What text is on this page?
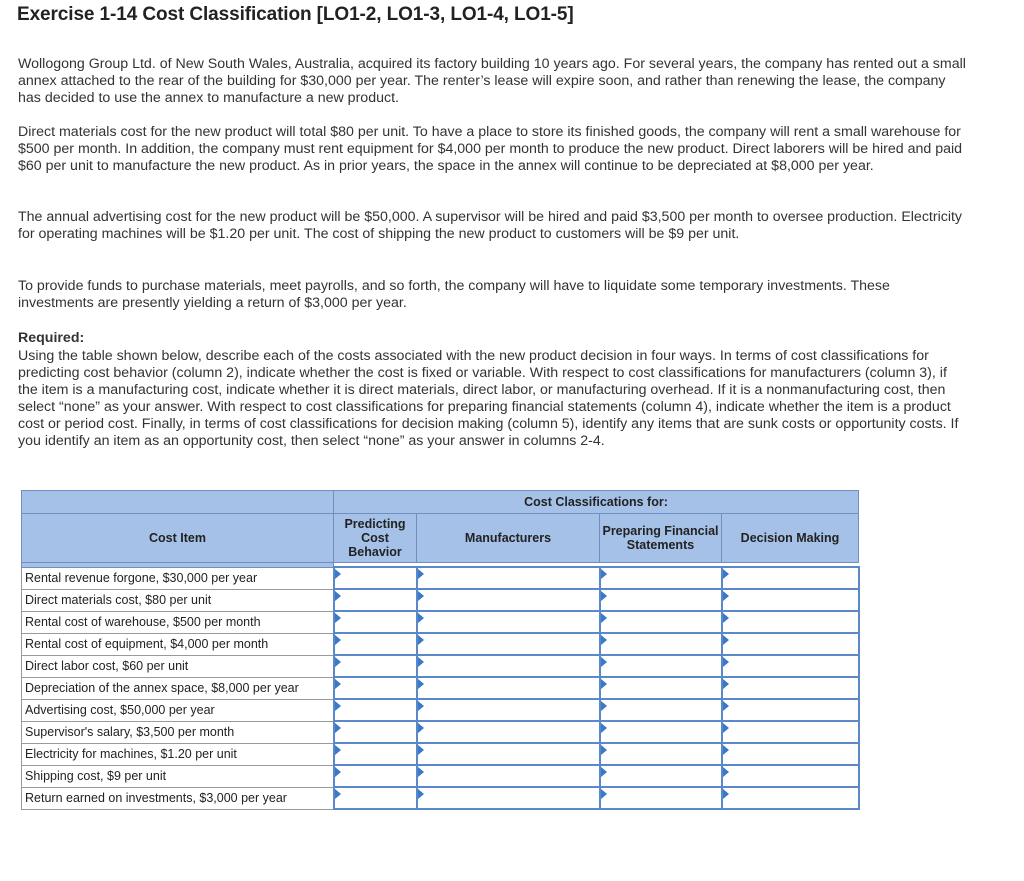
Exercise 1-14 Cost Classification [LO1-2, LO1-3, LO1-4, LO1-5]

Wollogong Group Ltd. of New South Wales, Australia, acquired its factory building 10 years ago. For several years, the company has rented out a small annex attached to the rear of the building for $30,000 per year. The renter’s lease will expire soon, and rather than renewing the lease, the company has decided to use the annex to manufacture a new product.

Direct materials cost for the new product will total $80 per unit. To have a place to store its finished goods, the company will rent a small warehouse for $500 per month. In addition, the company must rent equipment for $4,000 per month to produce the new product. Direct laborers will be hired and paid $60 per unit to manufacture the new product. As in prior years, the space in the annex will continue to be depreciated at $8,000 per year.

The annual advertising cost for the new product will be $50,000. A supervisor will be hired and paid $3,500 per month to oversee production. Electricity for operating machines will be $1.20 per unit. The cost of shipping the new product to customers will be $9 per unit.

To provide funds to purchase materials, meet payrolls, and so forth, the company will have to liquidate some temporary investments. These investments are presently yielding a return of $3,000 per year.

Required:

Using the table shown below, describe each of the costs associated with the new product decision in four ways. In terms of cost classifications for predicting cost behavior (column 2), indicate whether the cost is fixed or variable. With respect to cost classifications for manufacturers (column 3), if the item is a manufacturing cost, indicate whether it is direct materials, direct labor, or manufacturing overhead. If it is a nonmanufacturing cost, then select “none” as your answer. With respect to cost classifications for preparing financial statements (column 4), indicate whether the item is a product cost or period cost. Finally, in terms of cost classifications for decision making (column 5), identify any items that are sunk costs or opportunity costs. If you identify an item as an opportunity cost, then select “none” as your answer in columns 2-4.

	Cost Classifications for:			
Cost Item	Predicting Cost Behavior	Manufacturers	Preparing Financial Statements	Decision Making

Rental revenue forgone, $30,000 per year	

Direct materials cost, $80 per unit	

Rental cost of warehouse, $500 per month	

Rental cost of equipment, $4,000 per month	

Direct labor cost, $60 per unit	

Depreciation of the annex space, $8,000 per year	

Advertising cost, $50,000 per year	

Supervisor's salary, $3,500 per month	

Electricity for machines, $1.20 per unit	

Shipping cost, $9 per unit	

Return earned on investments, $3,000 per year	
